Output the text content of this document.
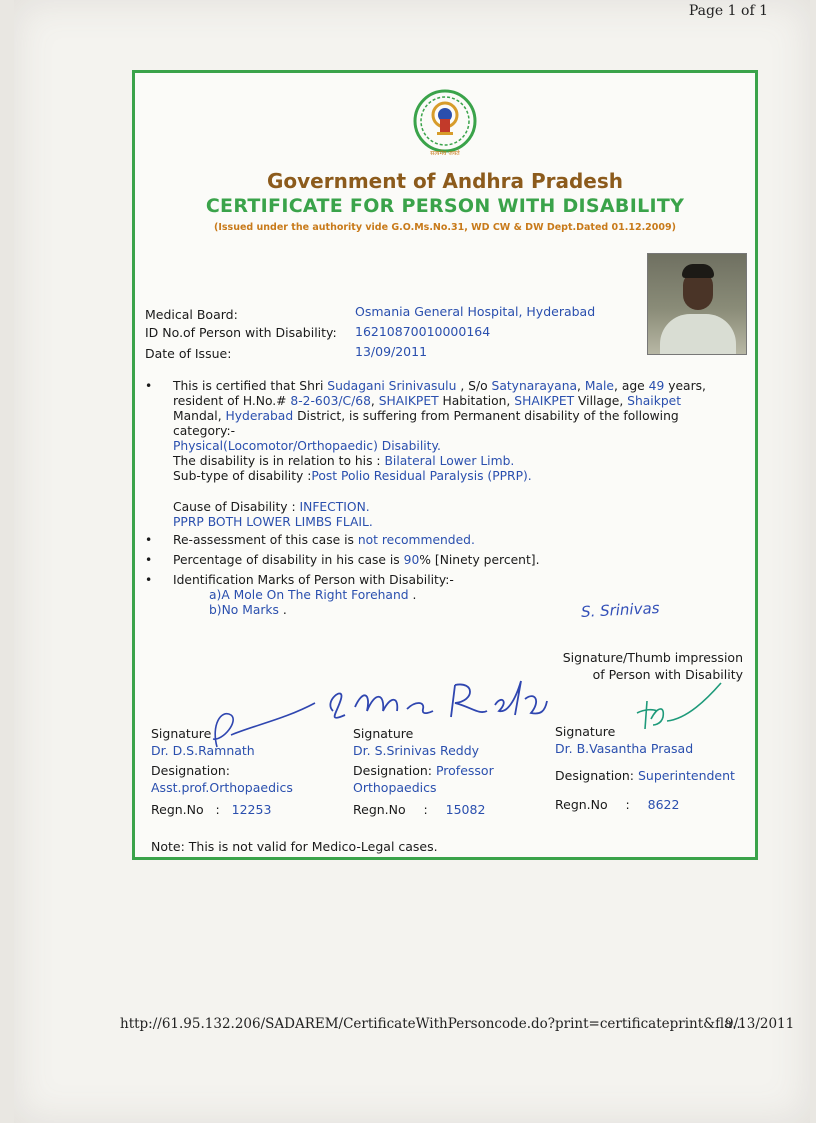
Page 1 of 1
सत्यमेव जयते
Government of Andhra Pradesh
CERTIFICATE FOR PERSON WITH DISABILITY
(Issued under the authority vide G.O.Ms.No.31, WD CW & DW Dept.Dated 01.12.2009)
Medical Board:	Osmania General Hospital, Hyderabad
ID No.of Person with Disability: 16210870010000164
Date of Issue:	13/09/2011
• This is certified that Shri Sudagani Srinivasulu , S/o Satynarayana, Male, age 49 years,
resident of H.No.# 8-2-603/C/68, SHAIKPET Habitation, SHAIKPET Village, Shaikpet
Mandal, Hyderabad District, is suffering from Permanent disability of the following
category:-
Physical(Locomotor/Orthopaedic) Disability.
The disability is in relation to his : Bilateral Lower Limb.
Sub-type of disability :Post Polio Residual Paralysis (PPRP).
Cause of Disability : INFECTION.
PPRP BOTH LOWER LIMBS FLAIL.
• Re-assessment of this case is not recommended.
• Percentage of disability in his case is 90% [Ninety percent].
• Identification Marks of Person with Disability:-
a)A Mole On The Right Forehand .
b)No Marks .	S. Srinivas
Signature/Thumb impression
of Person with Disability
Signature
Dr. D.S.Ramnath
Designation:
Asst.prof.Orthopaedics
Regn.No : 12253
Signature
Dr. S.Srinivas Reddy
Designation: Professor
Orthopaedics
Regn.No : 15082
Signature
Dr. B.Vasantha Prasad
Designation: Superintendent
Regn.No : 8622
Note: This is not valid for Medico-Legal cases.
http://61.95.132.206/SADAREM/CertificateWithPersoncode.do?print=certificateprint&fla...
9/13/2011
